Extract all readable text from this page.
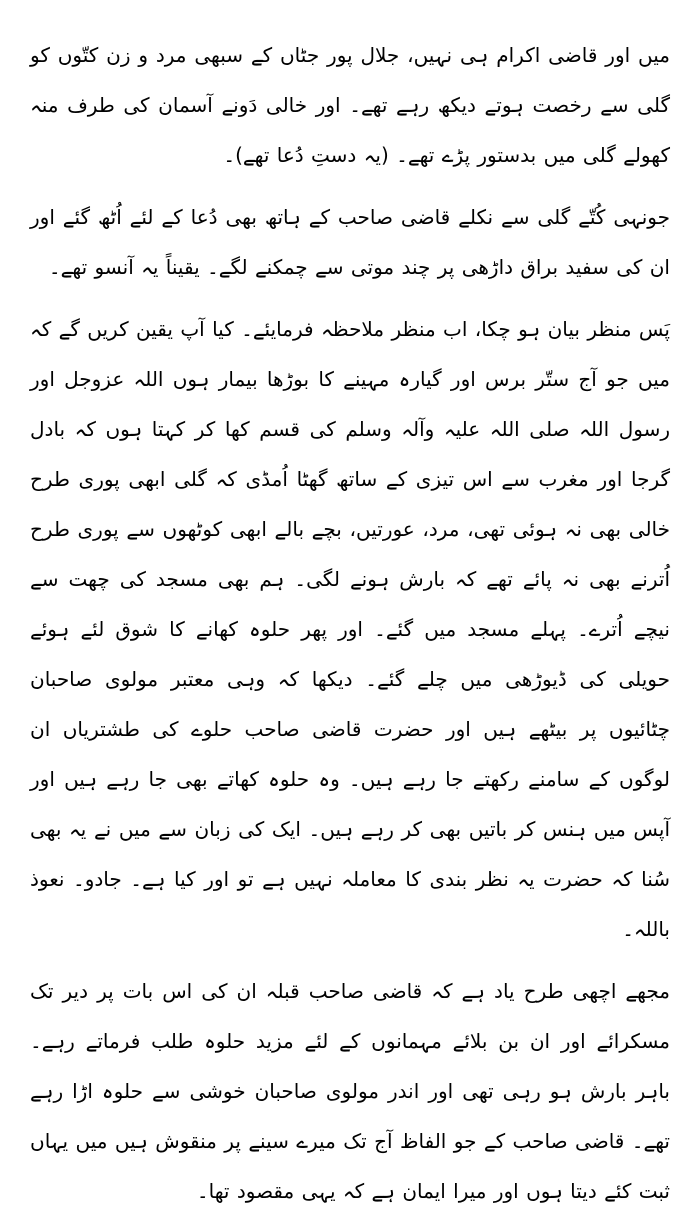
میں اور قاضی اکرام ہی نہیں، جلال پور جٹاں کے سبھی مرد و زن کتّوں کو گلی سے رخصت ہوتے دیکھ رہے تھے۔ اور خالی دَونے آسمان کی طرف منہ کھولے گلی میں بدستور پڑے تھے۔ (یہ دستِ دُعا تھے)۔

جونہی کُتّے گلی سے نکلے قاضی صاحب کے ہاتھ بھی دُعا کے لئے اُٹھ گئے اور ان کی سفید براق داڑھی پر چند موتی سے چمکنے لگے۔ یقیناً یہ آنسو تھے۔

پَس منظر بیان ہو چکا، اب منظر ملاحظہ فرمایئے۔ کیا آپ یقین کریں گے کہ میں جو آج ستّر برس اور گیارہ مہینے کا بوڑھا بیمار ہوں اللہ عزوجل اور رسول اللہ صلی اللہ علیہ وآلہ وسلم کی قسم کھا کر کہتا ہوں کہ بادل گرجا اور مغرب سے اس تیزی کے ساتھ گھٹا اُمڈی کہ گلی ابھی پوری طرح خالی بھی نہ ہوئی تھی، مرد، عورتیں، بچے بالے ابھی کوٹھوں سے پوری طرح اُترنے بھی نہ پائے تھے کہ بارش ہونے لگی۔ ہم بھی مسجد کی چھت سے نیچے اُترے۔ پہلے مسجد میں گئے۔ اور پھر حلوہ کھانے کا شوق لئے ہوئے حویلی کی ڈیوڑھی میں چلے گئے۔ دیکھا کہ وہی معتبر مولوی صاحبان چٹائیوں پر بیٹھے ہیں اور حضرت قاضی صاحب حلوے کی طشتریاں ان لوگوں کے سامنے رکھتے جا رہے ہیں۔ وہ حلوہ کھاتے بھی جا رہے ہیں اور آپس میں ہنس کر باتیں بھی کر رہے ہیں۔ ایک کی زبان سے میں نے یہ بھی سُنا کہ حضرت یہ نظر بندی کا معاملہ نہیں ہے تو اور کیا ہے۔ جادو۔ نعوذ باللہ۔

مجھے اچھی طرح یاد ہے کہ قاضی صاحب قبلہ ان کی اس بات پر دیر تک مسکرائے اور ان بن بلائے مہمانوں کے لئے مزید حلوہ طلب فرماتے رہے۔ باہر بارش ہو رہی تھی اور اندر مولوی صاحبان خوشی سے حلوہ اڑا رہے تھے۔ قاضی صاحب کے جو الفاظ آج تک میرے سینے پر منقوش ہیں میں یہاں ثبت کئے دیتا ہوں اور میرا ایمان ہے کہ یہی مقصود تھا۔
